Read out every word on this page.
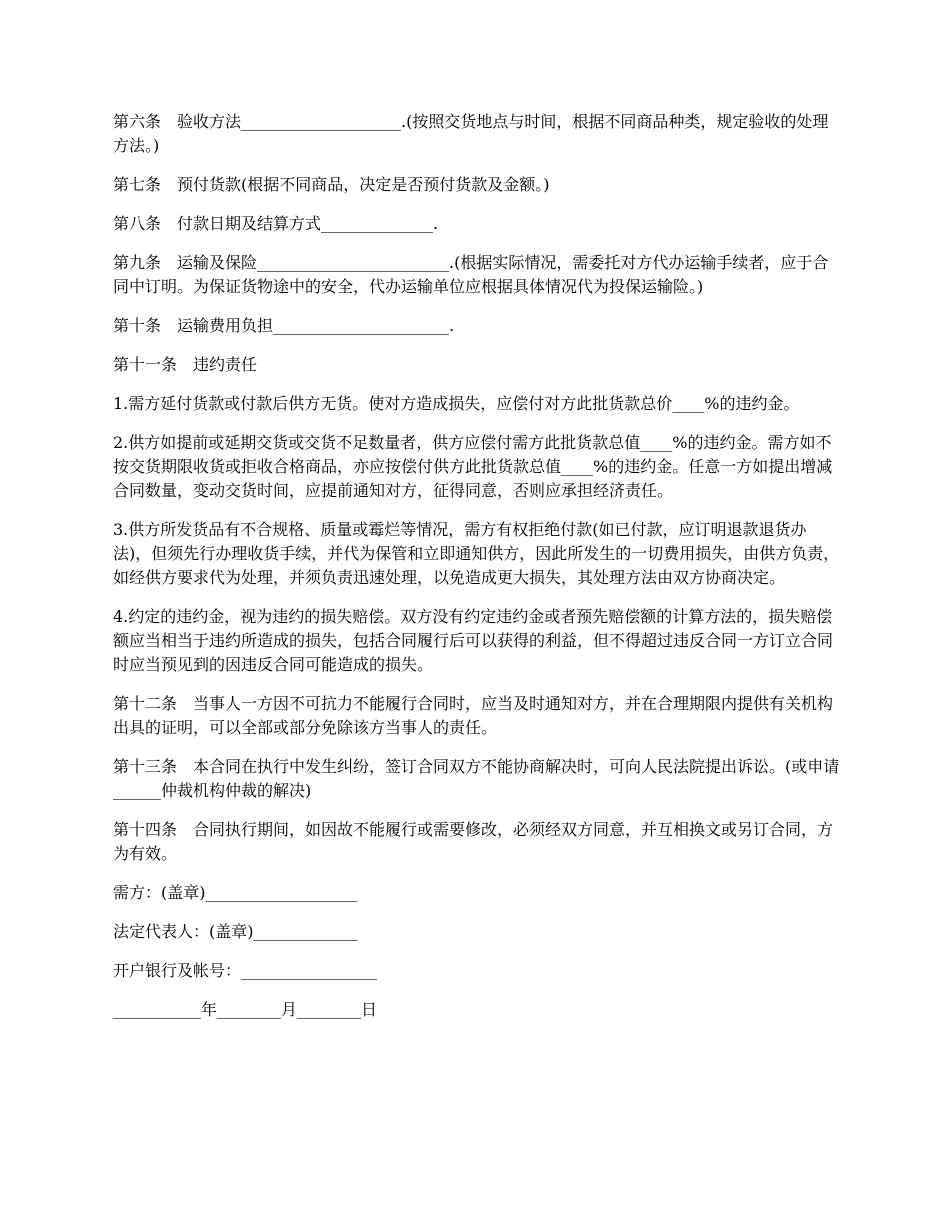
第六条　验收方法____________________.(按照交货地点与时间，根据不同商品种类，规定验收的处理方法。)

第七条　预付货款(根据不同商品，决定是否预付货款及金额。)

第八条　付款日期及结算方式______________.

第九条　运输及保险________________________.(根据实际情况，需委托对方代办运输手续者，应于合同中订明。为保证货物途中的安全，代办运输单位应根据具体情况代为投保运输险。)

第十条　运输费用负担______________________.

第十一条　违约责任

1.需方延付货款或付款后供方无货。使对方造成损失，应偿付对方此批货款总价____%的违约金。

2.供方如提前或延期交货或交货不足数量者，供方应偿付需方此批货款总值____%的违约金。需方如不按交货期限收货或拒收合格商品，亦应按偿付供方此批货款总值____%的违约金。任意一方如提出增减合同数量，变动交货时间，应提前通知对方，征得同意，否则应承担经济责任。

3.供方所发货品有不合规格、质量或霉烂等情况，需方有权拒绝付款(如已付款，应订明退款退货办法)，但须先行办理收货手续，并代为保管和立即通知供方，因此所发生的一切费用损失，由供方负责，如经供方要求代为处理，并须负责迅速处理，以免造成更大损失，其处理方法由双方协商决定。

4.约定的违约金，视为违约的损失赔偿。双方没有约定违约金或者预先赔偿额的计算方法的，损失赔偿额应当相当于违约所造成的损失，包括合同履行后可以获得的利益，但不得超过违反合同一方订立合同时应当预见到的因违反合同可能造成的损失。

第十二条　当事人一方因不可抗力不能履行合同时，应当及时通知对方，并在合理期限内提供有关机构出具的证明，可以全部或部分免除该方当事人的责任。

第十三条　本合同在执行中发生纠纷，签订合同双方不能协商解决时，可向人民法院提出诉讼。(或申请______仲裁机构仲裁的解决)

第十四条　合同执行期间，如因故不能履行或需要修改，必须经双方同意，并互相换文或另订合同，方为有效。

需方：(盖章)___________________

法定代表人：(盖章)_____________

开户银行及帐号：_________________

___________年________月________日
